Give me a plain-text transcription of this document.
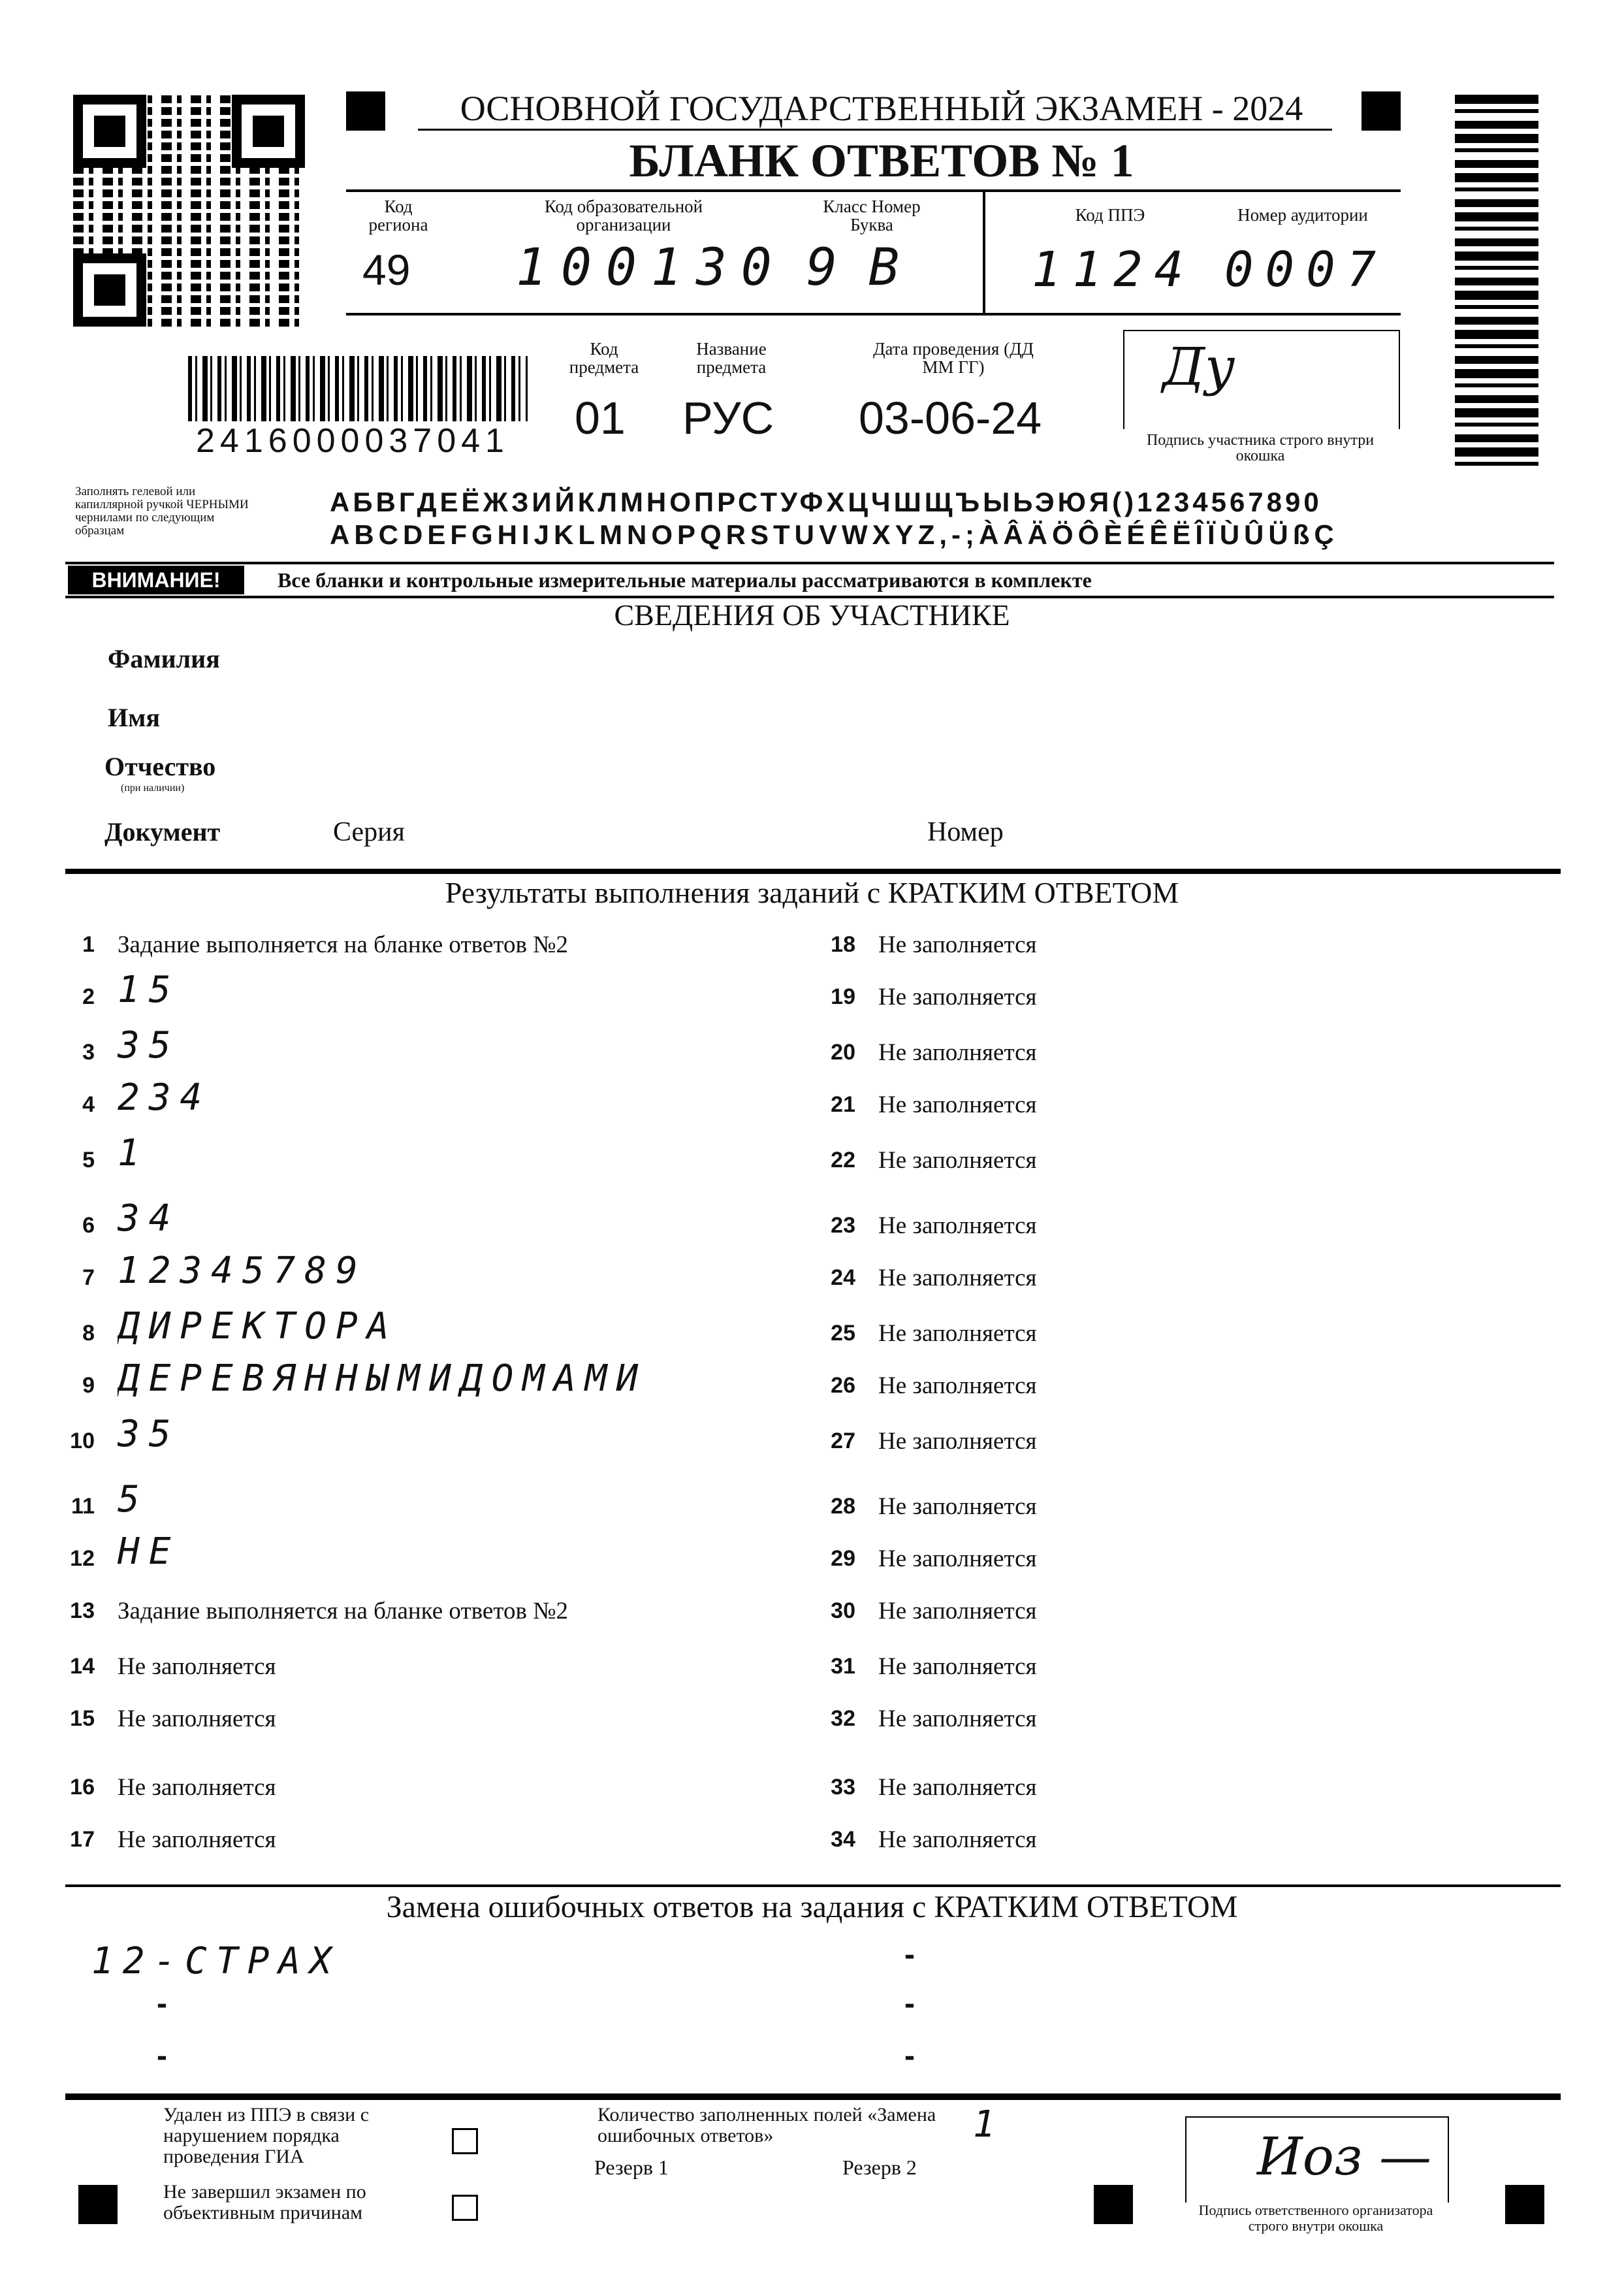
ОСНОВНОЙ ГОСУДАРСТВЕННЫЙ ЭКЗАМЕН - 2024
БЛАНК ОТВЕТОВ № 1
Код региона
49
Код образовательной организации
100130
Класс Номер Буква
9 В
Код ППЭ
1124
Номер аудитории
0007
2416000037041
Код предмета
01
Название предмета
РУС
Дата проведения (ДД ММ ГГ)
03-06-24
Ду
Подпись участника строго внутри окошка
Заполнять гелевой или капиллярной ручкой ЧЕРНЫМИ чернилами по следующим образцам
АБВГДЕЁЖЗИЙКЛМНОПРСТУФХЦЧШЩЪЫЬЭЮЯ()1234567890
ABCDEFGHIJKLMNOPQRSTUVWXYZ,-;ÀÂÄÖÔÈÉÊËÎÏÙÛÜßÇ
ВНИМАНИЕ!	Все бланки и контрольные измерительные материалы рассматриваются в комплекте
СВЕДЕНИЯ ОБ УЧАСТНИКЕ
Фамилия
Имя
Отчество
(при наличии)
Документ	Серия	Номер
Результаты выполнения заданий с КРАТКИМ ОТВЕТОМ
1 Задание выполняется на бланке ответов №2
2 15
3 35
4 234
5 1
6 34
7 12345789
8 ДИРЕКТОРА
9 ДЕРЕВЯННЫМИДОМАМИ
10 35
11 5
12 НЕ
13 Задание выполняется на бланке ответов №2
14 Не заполняется
15 Не заполняется
16 Не заполняется
17 Не заполняется
18 Не заполняется
19 Не заполняется
20 Не заполняется
21 Не заполняется
22 Не заполняется
23 Не заполняется
24 Не заполняется
25 Не заполняется
26 Не заполняется
27 Не заполняется
28 Не заполняется
29 Не заполняется
30 Не заполняется
31 Не заполняется
32 Не заполняется
33 Не заполняется
34 Не заполняется
Замена ошибочных ответов на задания с КРАТКИМ ОТВЕТОМ
12-СТРАХ
-
-
-
-
-
Удален из ППЭ в связи с нарушением порядка проведения ГИА
Не завершил экзамен по объективным причинам
Количество заполненных полей «Замена ошибочных ответов»	1
Резерв 1	Резерв 2	Иоз —
Подпись ответственного организатора строго внутри окошка
